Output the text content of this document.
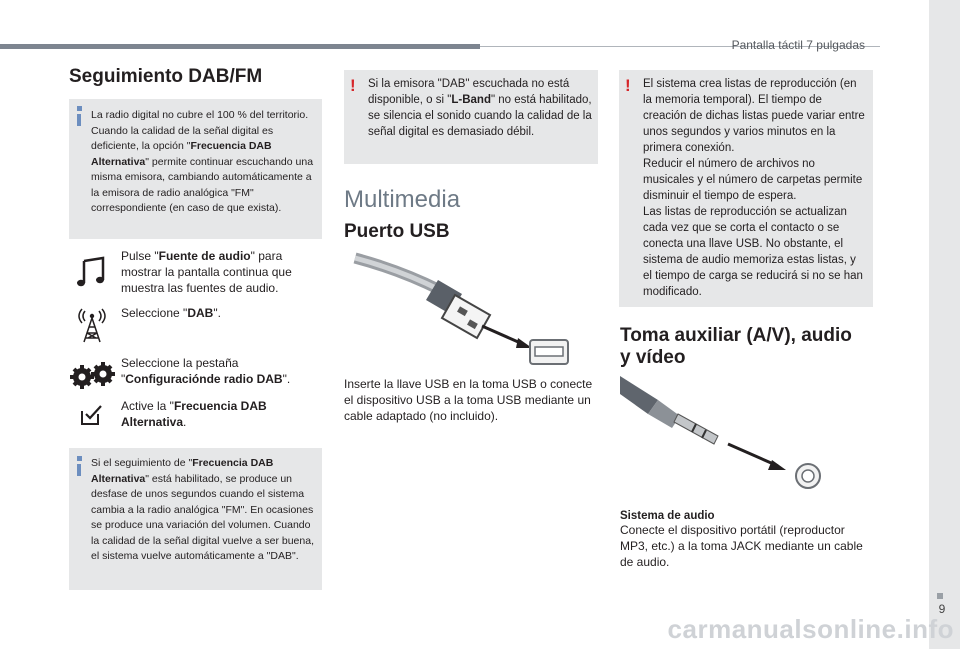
Pantalla táctil 7 pulgadas
9
Seguimiento DAB/FM
La radio digital no cubre el 100 % del territorio. Cuando la calidad de la señal digital es deficiente, la opción "Frecuencia DAB Alternativa" permite continuar escuchando una misma emisora, cambiando automáticamente a la emisora de radio analógica "FM" correspondiente (en caso de que exista).
Pulse "Fuente de audio" para mostrar la pantalla continua que muestra las fuentes de audio.
Seleccione "DAB".
Seleccione la pestaña "Configuraciónde radio DAB".
Active la "Frecuencia DAB Alternativa.
Si el seguimiento de "Frecuencia DAB Alternativa" está habilitado, se produce un desfase de unos segundos cuando el sistema cambia a la radio analógica "FM". En ocasiones se produce una variación del volumen. Cuando la calidad de la señal digital vuelve a ser buena, el sistema vuelve automáticamente a "DAB".
! Si la emisora "DAB" escuchada no está disponible, o si "L-Band" no está habilitado, se silencia el sonido cuando la calidad de la señal digital es demasiado débil.
Multimedia
Puerto USB
Inserte la llave USB en la toma USB o conecte el dispositivo USB a la toma USB mediante un cable adaptado (no incluido).
! El sistema crea listas de reproducción (en la memoria temporal). El tiempo de creación de dichas listas puede variar entre unos segundos y varios minutos en la primera conexión.
Reducir el número de archivos no musicales y el número de carpetas permite disminuir el tiempo de espera.
Las listas de reproducción se actualizan cada vez que se corta el contacto o se conecta una llave USB. No obstante, el sistema de audio memoriza estas listas, y el tiempo de carga se reducirá si no se han modificado.
Toma auxiliar (A/V), audio
y vídeo
Sistema de audio
Conecte el dispositivo portátil (reproductor MP3, etc.) a la toma JACK mediante un cable de audio.
carmanualsonline.info
